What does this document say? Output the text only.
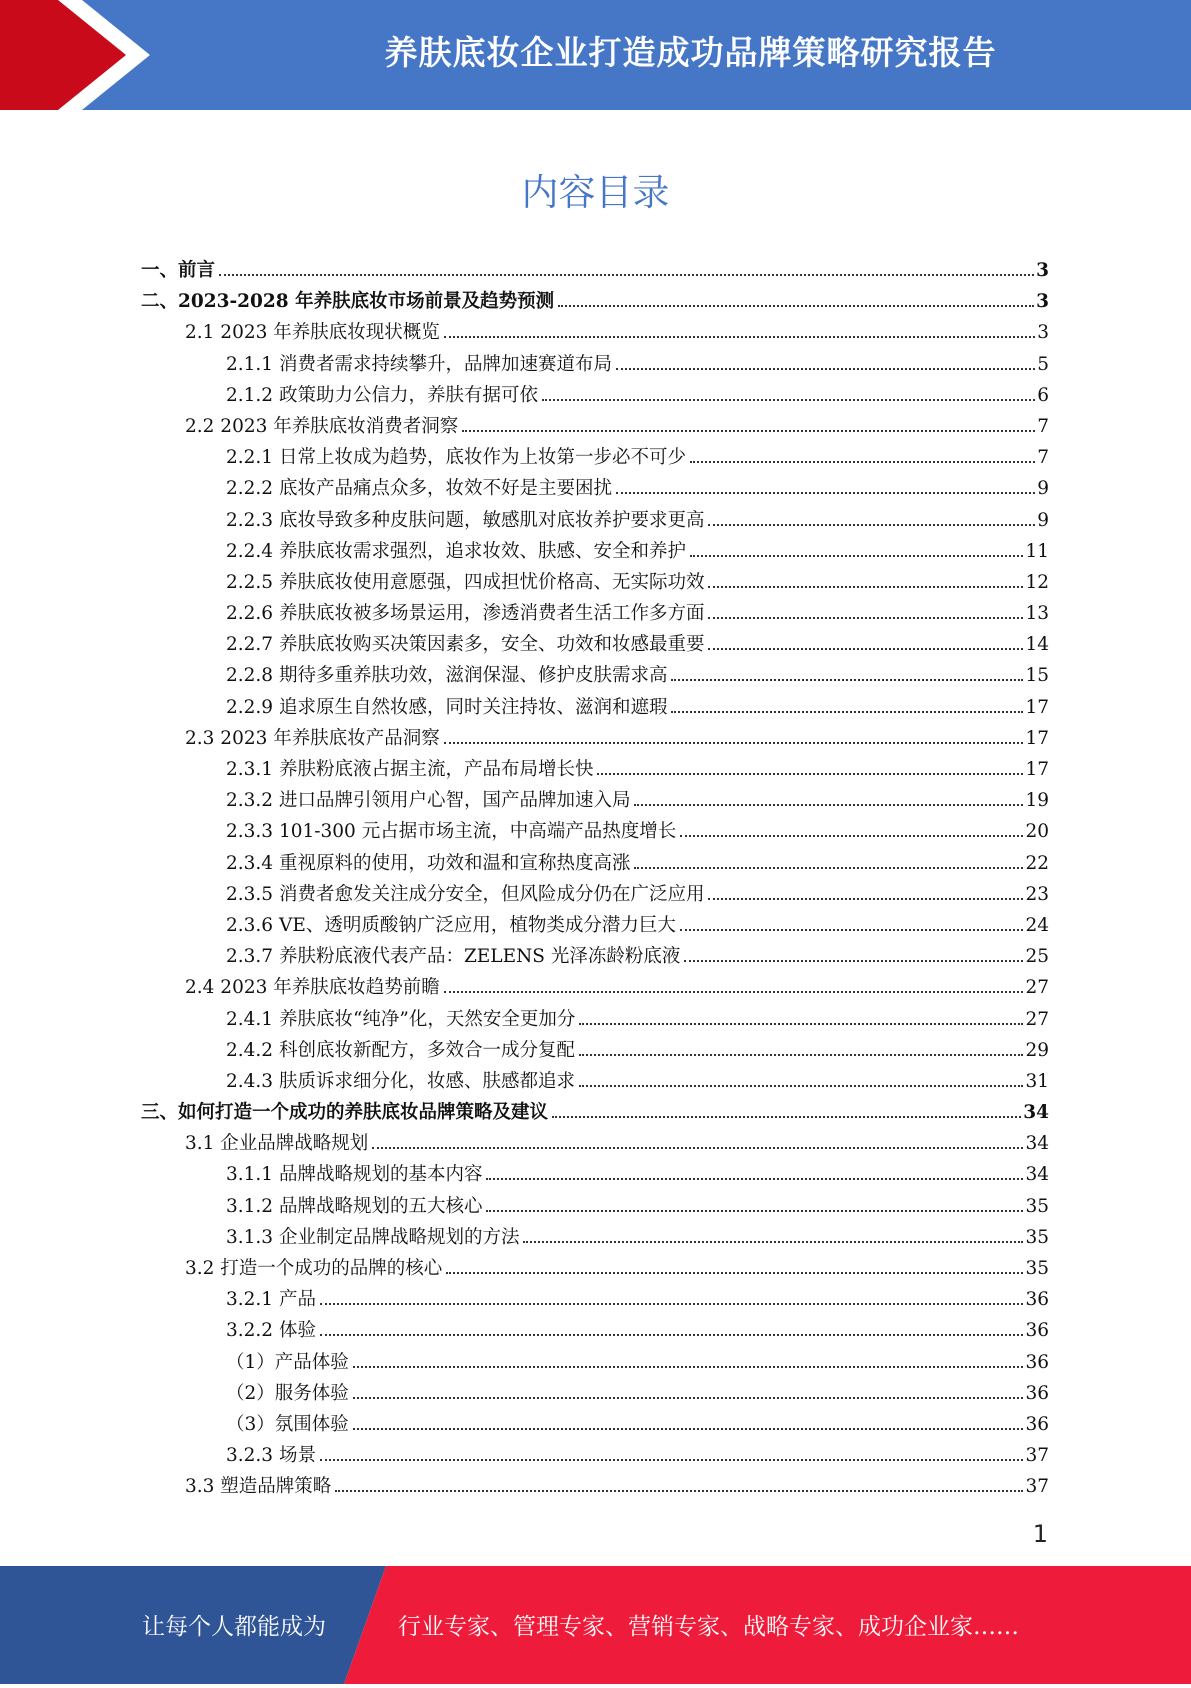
养肤底妆企业打造成功品牌策略研究报告
内容目录
一、前言	3
二、2023-2028 年养肤底妆市场前景及趋势预测	3
2.1 2023 年养肤底妆现状概览	3
2.1.1 消费者需求持续攀升，品牌加速赛道布局	5
2.1.2 政策助力公信力，养肤有据可依	6
2.2 2023 年养肤底妆消费者洞察	7
2.2.1 日常上妆成为趋势，底妆作为上妆第一步必不可少	7
2.2.2 底妆产品痛点众多，妆效不好是主要困扰	9
2.2.3 底妆导致多种皮肤问题，敏感肌对底妆养护要求更高	9
2.2.4 养肤底妆需求强烈，追求妆效、肤感、安全和养护	11
2.2.5 养肤底妆使用意愿强，四成担忧价格高、无实际功效	12
2.2.6 养肤底妆被多场景运用，渗透消费者生活工作多方面	13
2.2.7 养肤底妆购买决策因素多，安全、功效和妆感最重要	14
2.2.8 期待多重养肤功效，滋润保湿、修护皮肤需求高	15
2.2.9 追求原生自然妆感，同时关注持妆、滋润和遮瑕	17
2.3 2023 年养肤底妆产品洞察	17
2.3.1 养肤粉底液占据主流，产品布局增长快	17
2.3.2 进口品牌引领用户心智，国产品牌加速入局	19
2.3.3 101-300 元占据市场主流，中高端产品热度增长	20
2.3.4 重视原料的使用，功效和温和宣称热度高涨	22
2.3.5 消费者愈发关注成分安全，但风险成分仍在广泛应用	23
2.3.6 VE、透明质酸钠广泛应用，植物类成分潜力巨大	24
2.3.7 养肤粉底液代表产品：ZELENS 光泽冻龄粉底液	25
2.4 2023 年养肤底妆趋势前瞻	27
2.4.1 养肤底妆“纯净”化，天然安全更加分	27
2.4.2 科创底妆新配方，多效合一成分复配	29
2.4.3 肤质诉求细分化，妆感、肤感都追求	31
三、如何打造一个成功的养肤底妆品牌策略及建议	34
3.1 企业品牌战略规划	34
3.1.1 品牌战略规划的基本内容	34
3.1.2 品牌战略规划的五大核心	35
3.1.3 企业制定品牌战略规划的方法	35
3.2 打造一个成功的品牌的核心	35
3.2.1 产品	36
3.2.2 体验	36
（1）产品体验	36
（2）服务体验	36
（3）氛围体验	36
3.2.3 场景	37
3.3 塑造品牌策略	37
1
让每个人都能成为	行业专家、管理专家、营销专家、战略专家、成功企业家……
